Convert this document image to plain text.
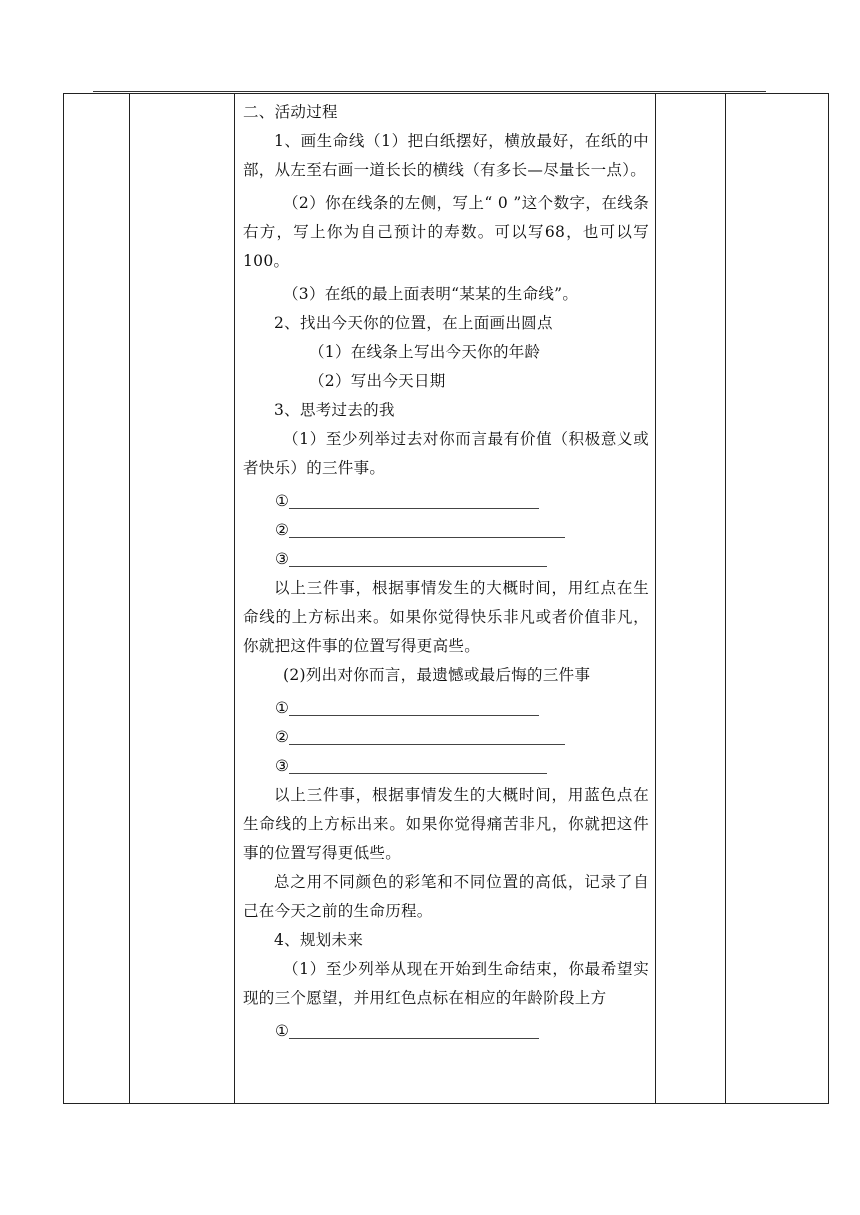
二、活动过程

1、画生命线（1）把白纸摆好，横放最好，在纸的中部，从左至右画一道长长的横线（有多长—尽量长一点）。

（2）你在线条的左侧，写上“ 0 ”这个数字，在线条右方，写上你为自己预计的寿数。可以写68，也可以写100。

（3）在纸的最上面表明“某某的生命线”。

2、找出今天你的位置，在上面画出圆点

（1）在线条上写出今天你的年龄

（2）写出今天日期

3、思考过去的我

（1）至少列举过去对你而言最有价值（积极意义或者快乐）的三件事。

①
②
③

以上三件事，根据事情发生的大概时间，用红点在生命线的上方标出来。如果你觉得快乐非凡或者价值非凡，你就把这件事的位置写得更高些。

(2)列出对你而言，最遗憾或最后悔的三件事

①
②
③

以上三件事，根据事情发生的大概时间，用蓝色点在生命线的上方标出来。如果你觉得痛苦非凡，你就把这件事的位置写得更低些。

总之用不同颜色的彩笔和不同位置的高低，记录了自己在今天之前的生命历程。

4、规划未来

（1）至少列举从现在开始到生命结束，你最希望实现的三个愿望，并用红色点标在相应的年龄阶段上方

①
